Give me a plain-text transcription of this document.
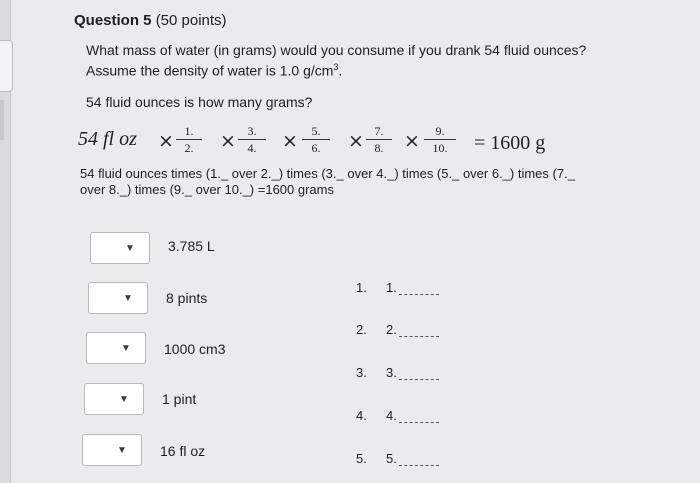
Question 5 (50 points)
What mass of water (in grams) would you consume if you drank 54 fluid ounces?
Assume the density of water is 1.0 $g/cm^3$.
54 fluid ounces is how many grams?
54 fl oz × 1.
2.	× 3.
4.	×	5.
6.	× 7.
8.	×	9.
10.	= 1600 g
54 fluid ounces times (1._ over 2._) times (3._ over 4._) times (5._ over 6._) times (7._
over 8._) times (9._ over 10._) =1600 grams
▼ 3.785 L
▼ 8 pints
▼ 1000 cm3
▼ 1 pint
▼ 16 fl oz
1. 1.
2. 2.
3. 3.
4. 4.
5. 5.
